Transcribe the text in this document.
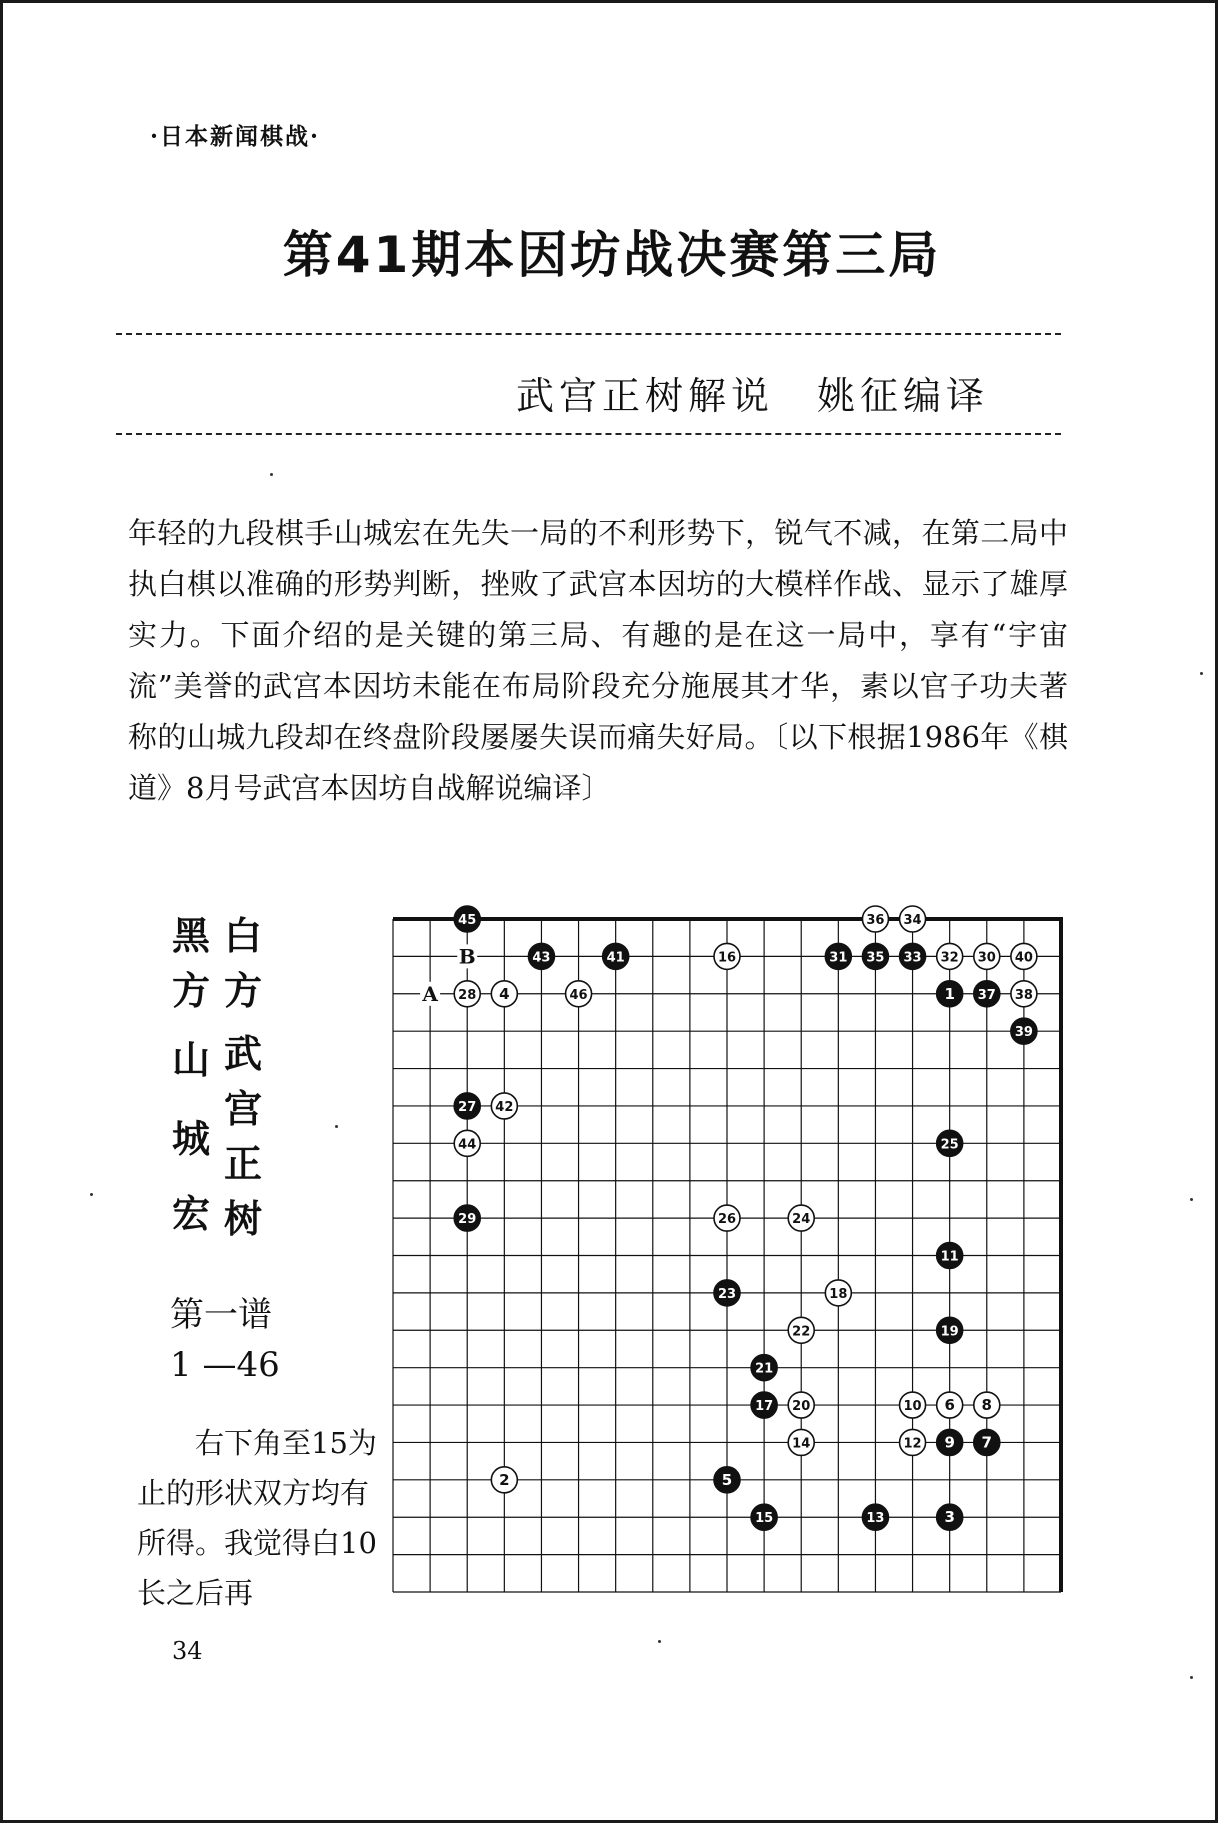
·日本新闻棋战·
第41期本因坊战决赛第三局
武宫正树解说　姚征编译
年轻的九段棋手山城宏在先失一局的不利形势下，锐气不减，在第二局中执白棋以准确的形势判断，挫败了武宫本因坊的大模样作战、显示了雄厚实力。下面介绍的是关键的第三局、有趣的是在这一局中，享有“宇宙流”美誉的武宫本因坊未能在布局阶段充分施展其才华，素以官子功夫著称的山城九段却在终盘阶段屡屡失误而痛失好局。〔以下根据1986年《棋道》8月号武宫本因坊自战解说编译〕
黑
方
山
城
宏
白
方
武
宫
正
树
第一谱
1 —46

右下角至15为止的形状双方均有所得。我觉得白10长之后再

34
1
2
3
4
5
6
7
8
9
10
11
12
13
14
15
16
17
18
19
20
21
22
23
24
25
26
27
28
29
30
31	32
33
34
35
36
37 38
39
40
41
42
43
44
45
46
A
B
